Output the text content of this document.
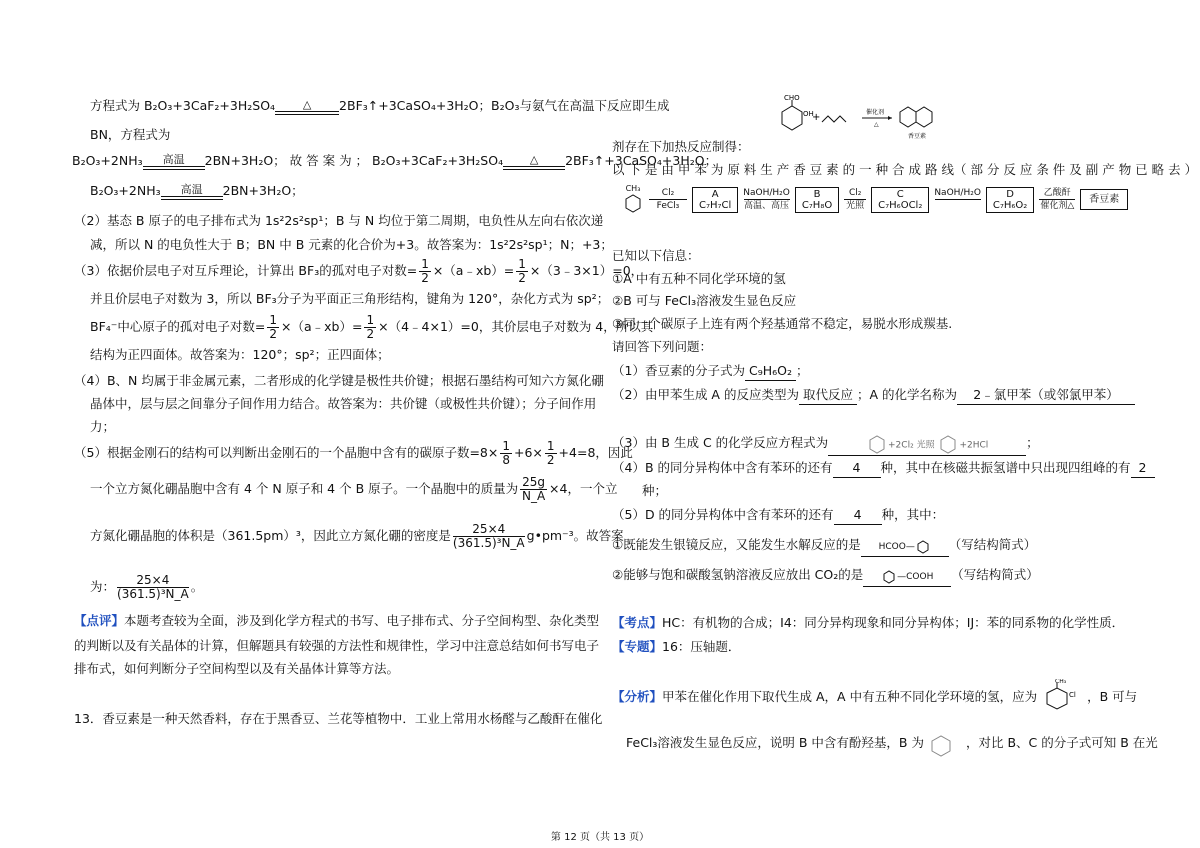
方程式为 B₂O₃+3CaF₂+3H₂SO₄	△	2BF₃↑+3CaSO₄+3H₂O；B₂O₃与氨气在高温下反应即生成
BN，方程式为
B₂O₃+2NH₃	高温	2BN+3H₂O； 故 答 案 为 ； B₂O₃+3CaF₂+3H₂SO₄	△	2BF₃↑+3CaSO₄+3H₂O；
B₂O₃+2NH₃	高温	2BN+3H₂O；
（2）基态 B 原子的电子排布式为 1s²2s²sp¹；B 与 N 均位于第二周期，电负性从左向右依次递
减，所以 N 的电负性大于 B；BN 中 B 元素的化合价为+3。故答案为：1s²2s²sp¹；N；+3；
（3）依据价层电子对互斥理论，计算出 BF₃的孤对电子对数= $\frac{1}{2}$ ×（a﹣xb）= $\frac{1}{2}$ ×（3﹣3×1）=0，
并且价层电子对数为 3，所以 BF₃分子为平面正三角形结构，键角为 120°，杂化方式为 sp²；
BF₄⁻中心原子的孤对电子对数= $\frac{1}{2}$ ×（a﹣xb）= $\frac{1}{2}$ ×（4﹣4×1）=0，其价层电子对数为 4，所以其
结构为正四面体。故答案为：120°；sp²；正四面体；
（4）B、N 均属于非金属元素，二者形成的化学键是极性共价键；根据石墨结构可知六方氮化硼
晶体中，层与层之间靠分子间作用力结合。故答案为：共价键（或极性共价键）；分子间作用
力；
（5）根据金刚石的结构可以判断出金刚石的一个晶胞中含有的碳原子数$=8\times \frac{1}{8} +6\times \frac{1}{2} +4=8$，因此
一个立方氮化硼晶胞中含有 4 个 N 原子和 4 个 B 原子。一个晶胞中的质量为 $\frac{25g}{N\_A} \times 4$，一个立
方氮化硼晶胞的体积是（361.5pm）³，因此立方氮化硼的密度是 $\frac{25\times 4}{\text{(361.5)³N\_A}}$ g•pm⁻³。故答案
为： $\frac{25\times 4}{\text{(361.5)³N\_A}}$ 。
【点评】本题考查较为全面，涉及到化学方程式的书写、电子排布式、分子空间构型、杂化类型
的判断以及有关晶体的计算，但解题具有较强的方法性和规律性，学习中注意总结如何书写电子
排布式，如何判断分子空间构型以及有关晶体计算等方法。
13．香豆素是一种天然香料，存在于黑香豆、兰花等植物中．工业上常用水杨醛与乙酸酐在催化
CHO
OH
+	催化剂
△
香豆素
剂存在下加热反应制得：
以 下 是 由 甲 苯 为 原 料 生 产 香 豆 素 的 一 种 合 成 路 线（ 部 分 反 应 条 件 及 副 产 物 已 略 去 ）
CH₃	Cl₂
FeCl₃
A
C₇H₇Cl NaOH/H₂O
高温、高压
B
C₇H₈O Cl₂
光照
C
C₇H₆OCl₂ NaOH/H₂O
	D
C₇H₆O₂ 乙酸酐
催化剂△ 香豆素
已知以下信息：
①A 中有五种不同化学环境的氢
②B 可与 FeCl₃溶液发生显色反应
③同一个碳原子上连有两个羟基通常不稳定，易脱水形成羰基.
请回答下列问题：
（1）香豆素的分子式为 C₉H₆O₂ ；
（2）由甲苯生成 A 的反应类型为 取代反应 ；A 的化学名称为 2﹣氯甲苯（或邻氯甲苯）
（3）由 B 生成 C 的化学反应方程式为	+2Cl₂ 光照	+2HCl	；
（4）B 的同分异构体中含有苯环的还有 4 种，其中在核磁共振氢谱中只出现四组峰的有 2
种；
（5）D 的同分异构体中含有苯环的还有 4 种，其中：
①既能发生银镜反应，又能发生水解反应的是 HCOO—	（写结构简式）
②能够与饱和碳酸氢钠溶液反应放出 CO₂的是	—COOH （写结构简式）
【考点】HC：有机物的合成；I4：同分异构现象和同分异构体；IJ：苯的同系物的化学性质．
【专题】16：压轴题．
【分析】甲苯在催化作用下取代生成 A，A 中有五种不同化学环境的氢，应为
CH₃
Cl ，B 可与
FeCl₃溶液发生显色反应，说明 B 中含有酚羟基，B 为	，对比 B、C 的分子式可知 B 在光
第 12 页（共 13 页）
